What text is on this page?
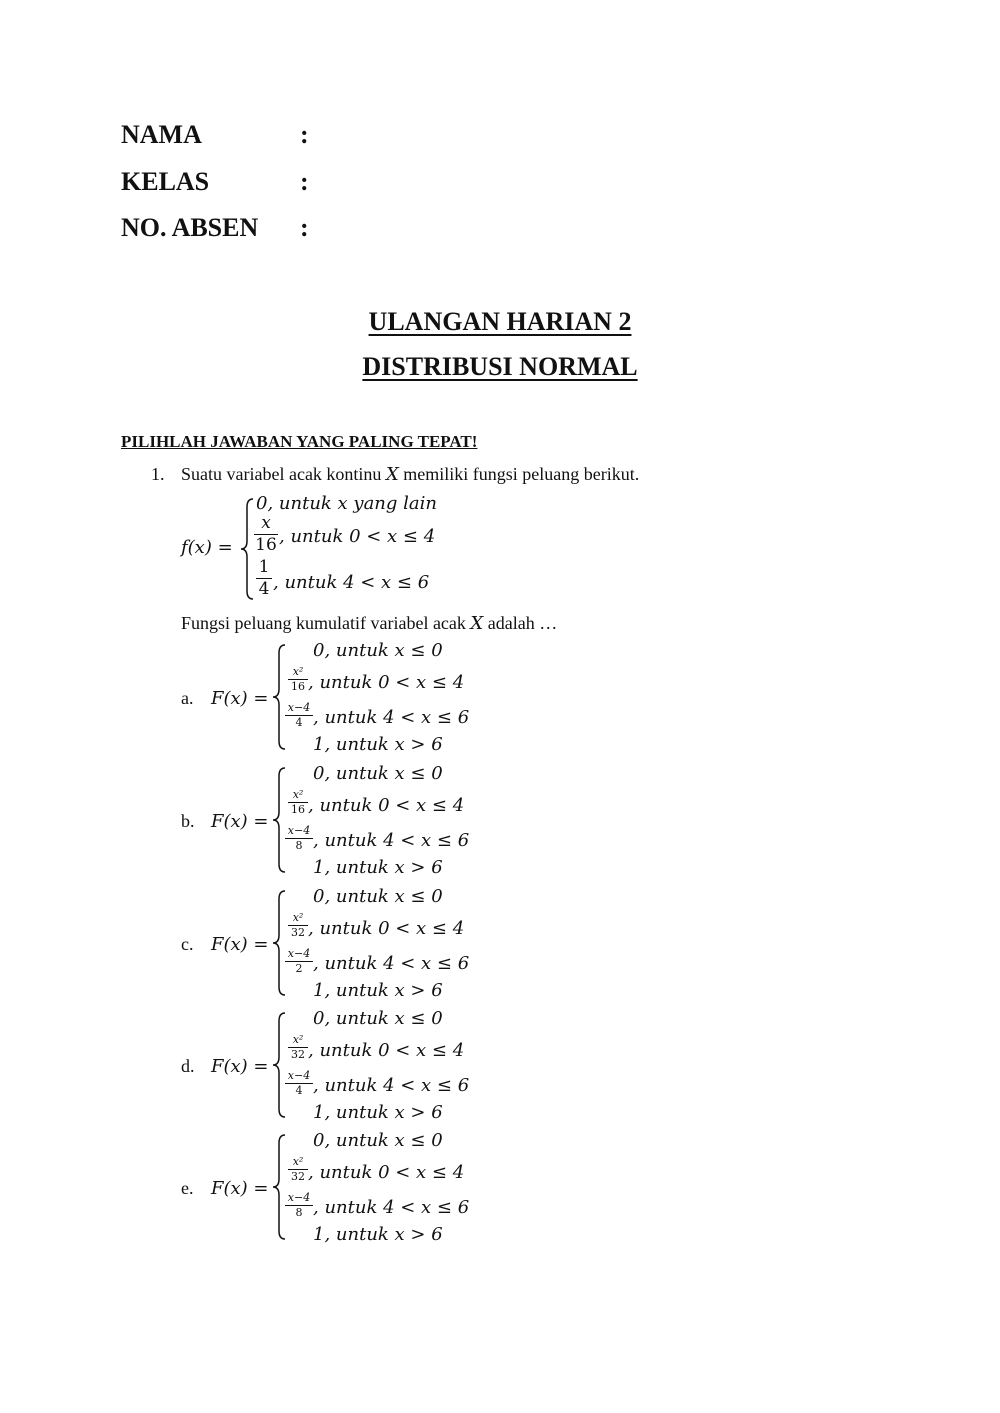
NAMA	:
KELAS	:
NO. ABSEN :
ULANGAN HARIAN 2
DISTRIBUSI NORMAL
PILIHLAH JAWABAN YANG PALING TEPAT!
1. Suatu variabel acak kontinu X memiliki fungsi peluang berikut.
f(x) =
0, untuk x yang lain
x
16 , untuk 0 < x ≤ 4
1
4 , untuk 4 < x ≤ 6
Fungsi peluang kumulatif variabel acak X adalah …
a. F(x) =
0, untuk x ≤ 0
x²
16 , untuk 0 < x ≤ 4
x−4
4 , untuk 4 < x ≤ 6
1, untuk x > 6
b. F(x) =
0, untuk x ≤ 0
x²
16 , untuk 0 < x ≤ 4
x−4
8 , untuk 4 < x ≤ 6
1, untuk x > 6
c. F(x) =
0, untuk x ≤ 0
x²
32 , untuk 0 < x ≤ 4
x−4
2 , untuk 4 < x ≤ 6
1, untuk x > 6
d. F(x) =
0, untuk x ≤ 0
x²
32 , untuk 0 < x ≤ 4
x−4
4 , untuk 4 < x ≤ 6
1, untuk x > 6
e. F(x) =
0, untuk x ≤ 0
x²
32 , untuk 0 < x ≤ 4
x−4
8 , untuk 4 < x ≤ 6
1, untuk x > 6
